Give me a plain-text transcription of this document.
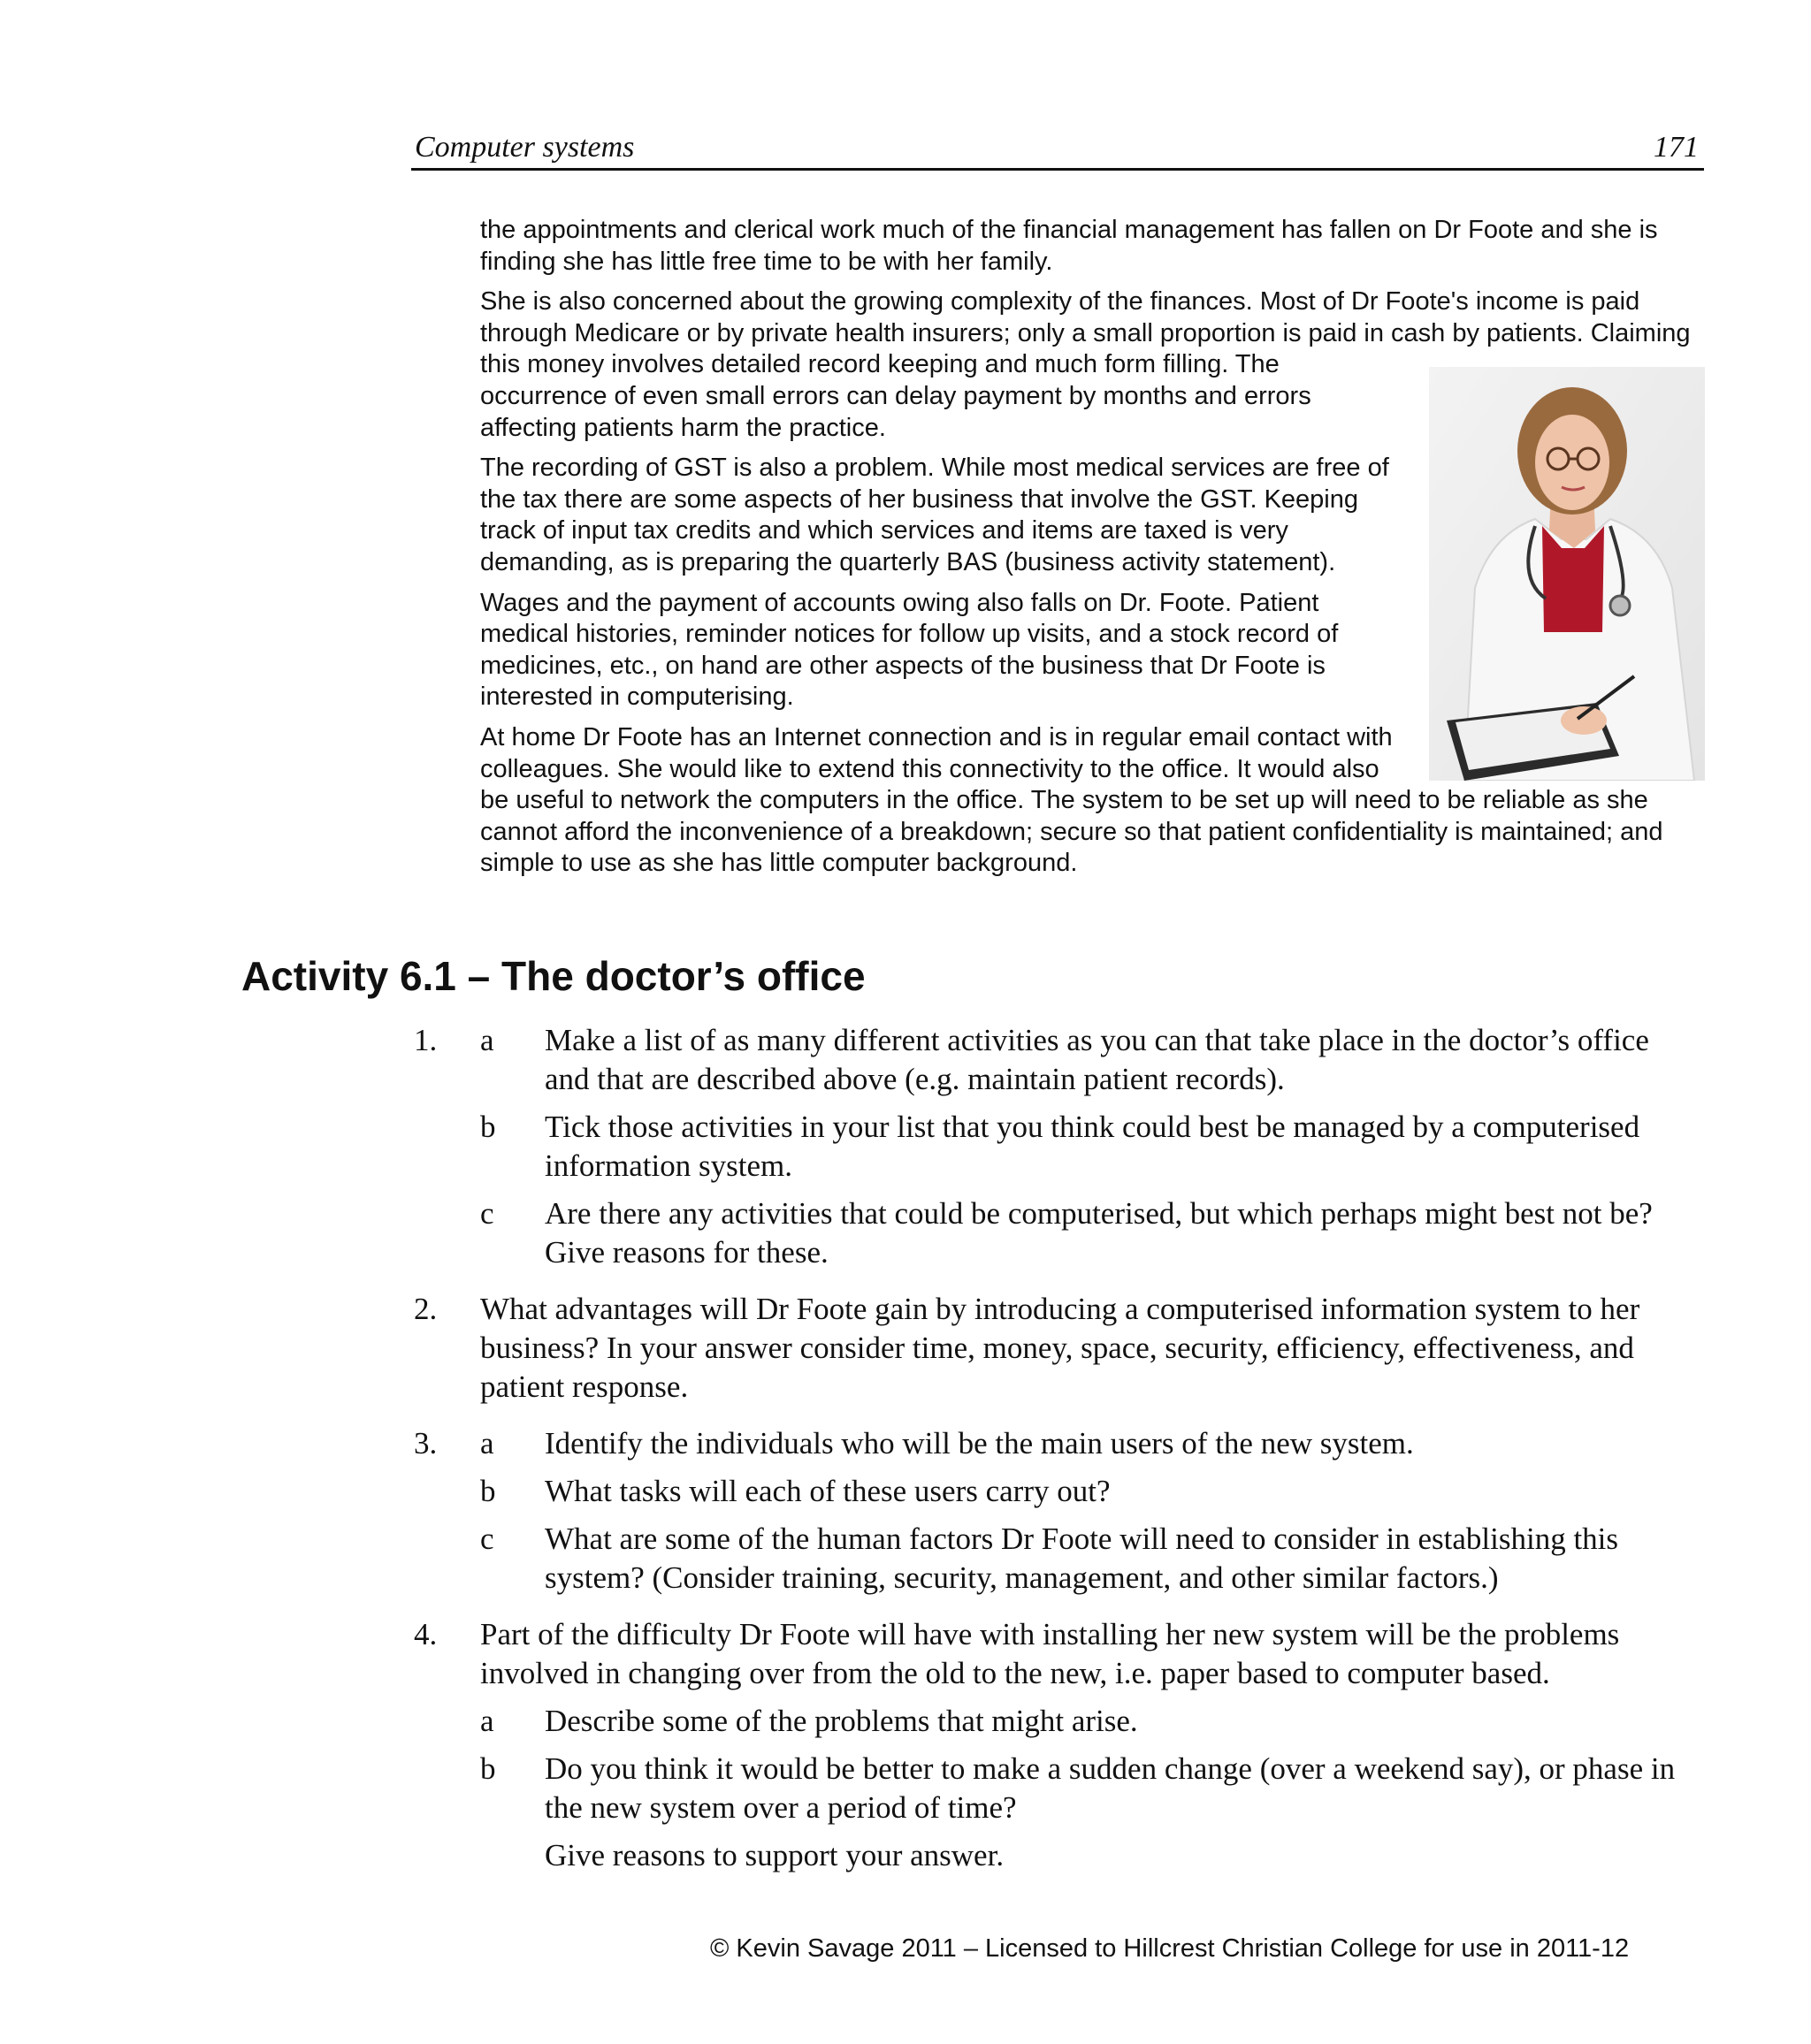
Computer systems	171

the appointments and clerical work much of the financial management has fallen on Dr Foote and she is finding she has little free time to be with her family.

She is also concerned about the growing complexity of the finances. Most of Dr Foote's income is paid through Medicare or by private health insurers; only a small proportion is paid in cash by patients. Claiming this money involves detailed record keeping and much form filling. The occurrence of even small errors can delay payment by months and errors affecting patients harm the practice.

The recording of GST is also a problem. While most medical services are free of the tax there are some aspects of her business that involve the GST. Keeping track of input tax credits and which services and items are taxed is very demanding, as is preparing the quarterly BAS (business activity statement).

Wages and the payment of accounts owing also falls on Dr. Foote. Patient medical histories, reminder notices for follow up visits, and a stock record of medicines, etc., on hand are other aspects of the business that Dr Foote is interested in computerising.

At home Dr Foote has an Internet connection and is in regular email contact with colleagues. She would like to extend this connectivity to the office. It would also be useful to network the computers in the office. The system to be set up will need to be reliable as she cannot afford the inconvenience of a breakdown; secure so that patient confidentiality is maintained; and simple to use as she has little computer background.

Activity 6.1 – The doctor’s office
1. a Make a list of as many different activities as you can that take place in the doctor’s office and that are described above (e.g. maintain patient records).
b Tick those activities in your list that you think could best be managed by a computerised information system.
c Are there any activities that could be computerised, but which perhaps might best not be? Give reasons for these.
2. What advantages will Dr Foote gain by introducing a computerised information system to her business? In your answer consider time, money, space, security, efficiency, effectiveness, and patient response.
3. a Identify the individuals who will be the main users of the new system.
b What tasks will each of these users carry out?
c What are some of the human factors Dr Foote will need to consider in establishing this system? (Consider training, security, management, and other similar factors.)
4. Part of the difficulty Dr Foote will have with installing her new system will be the problems involved in changing over from the old to the new, i.e. paper based to computer based.
a Describe some of the problems that might arise.
b Do you think it would be better to make a sudden change (over a weekend say), or phase in the new system over a period of time?
Give reasons to support your answer.
© Kevin Savage 2011 – Licensed to Hillcrest Christian College for use in 2011-12
